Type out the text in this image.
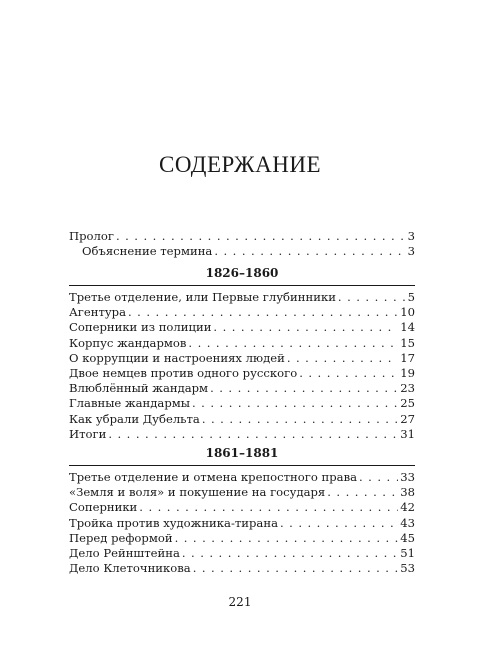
СОДЕРЖАНИЕ
Пролог . . .	3
Объяснение термина . . .	3
1826–1860
Третье отделение, или Первые глубинники . . .	5
Агентура . . .	10
Соперники из полиции . . .	14
Корпус жандармов . . .	15
О коррупции и настроениях людей . . .	17
Двое немцев против одного русского . . .	19
Влюблённый жандарм . . .	23
Главные жандармы . . .	25
Как убрали Дубельта . . .	27
Итоги . . .	31
1861–1881
Третье отделение и отмена крепостного права . . .	33
«Земля и воля» и покушение на государя . . .	38
Соперники . . .	42
Тройка против художника-тирана . . .	43
Перед реформой . . .	45
Дело Рейнштейна . . .	51
Дело Клеточникова . . .	53
221
